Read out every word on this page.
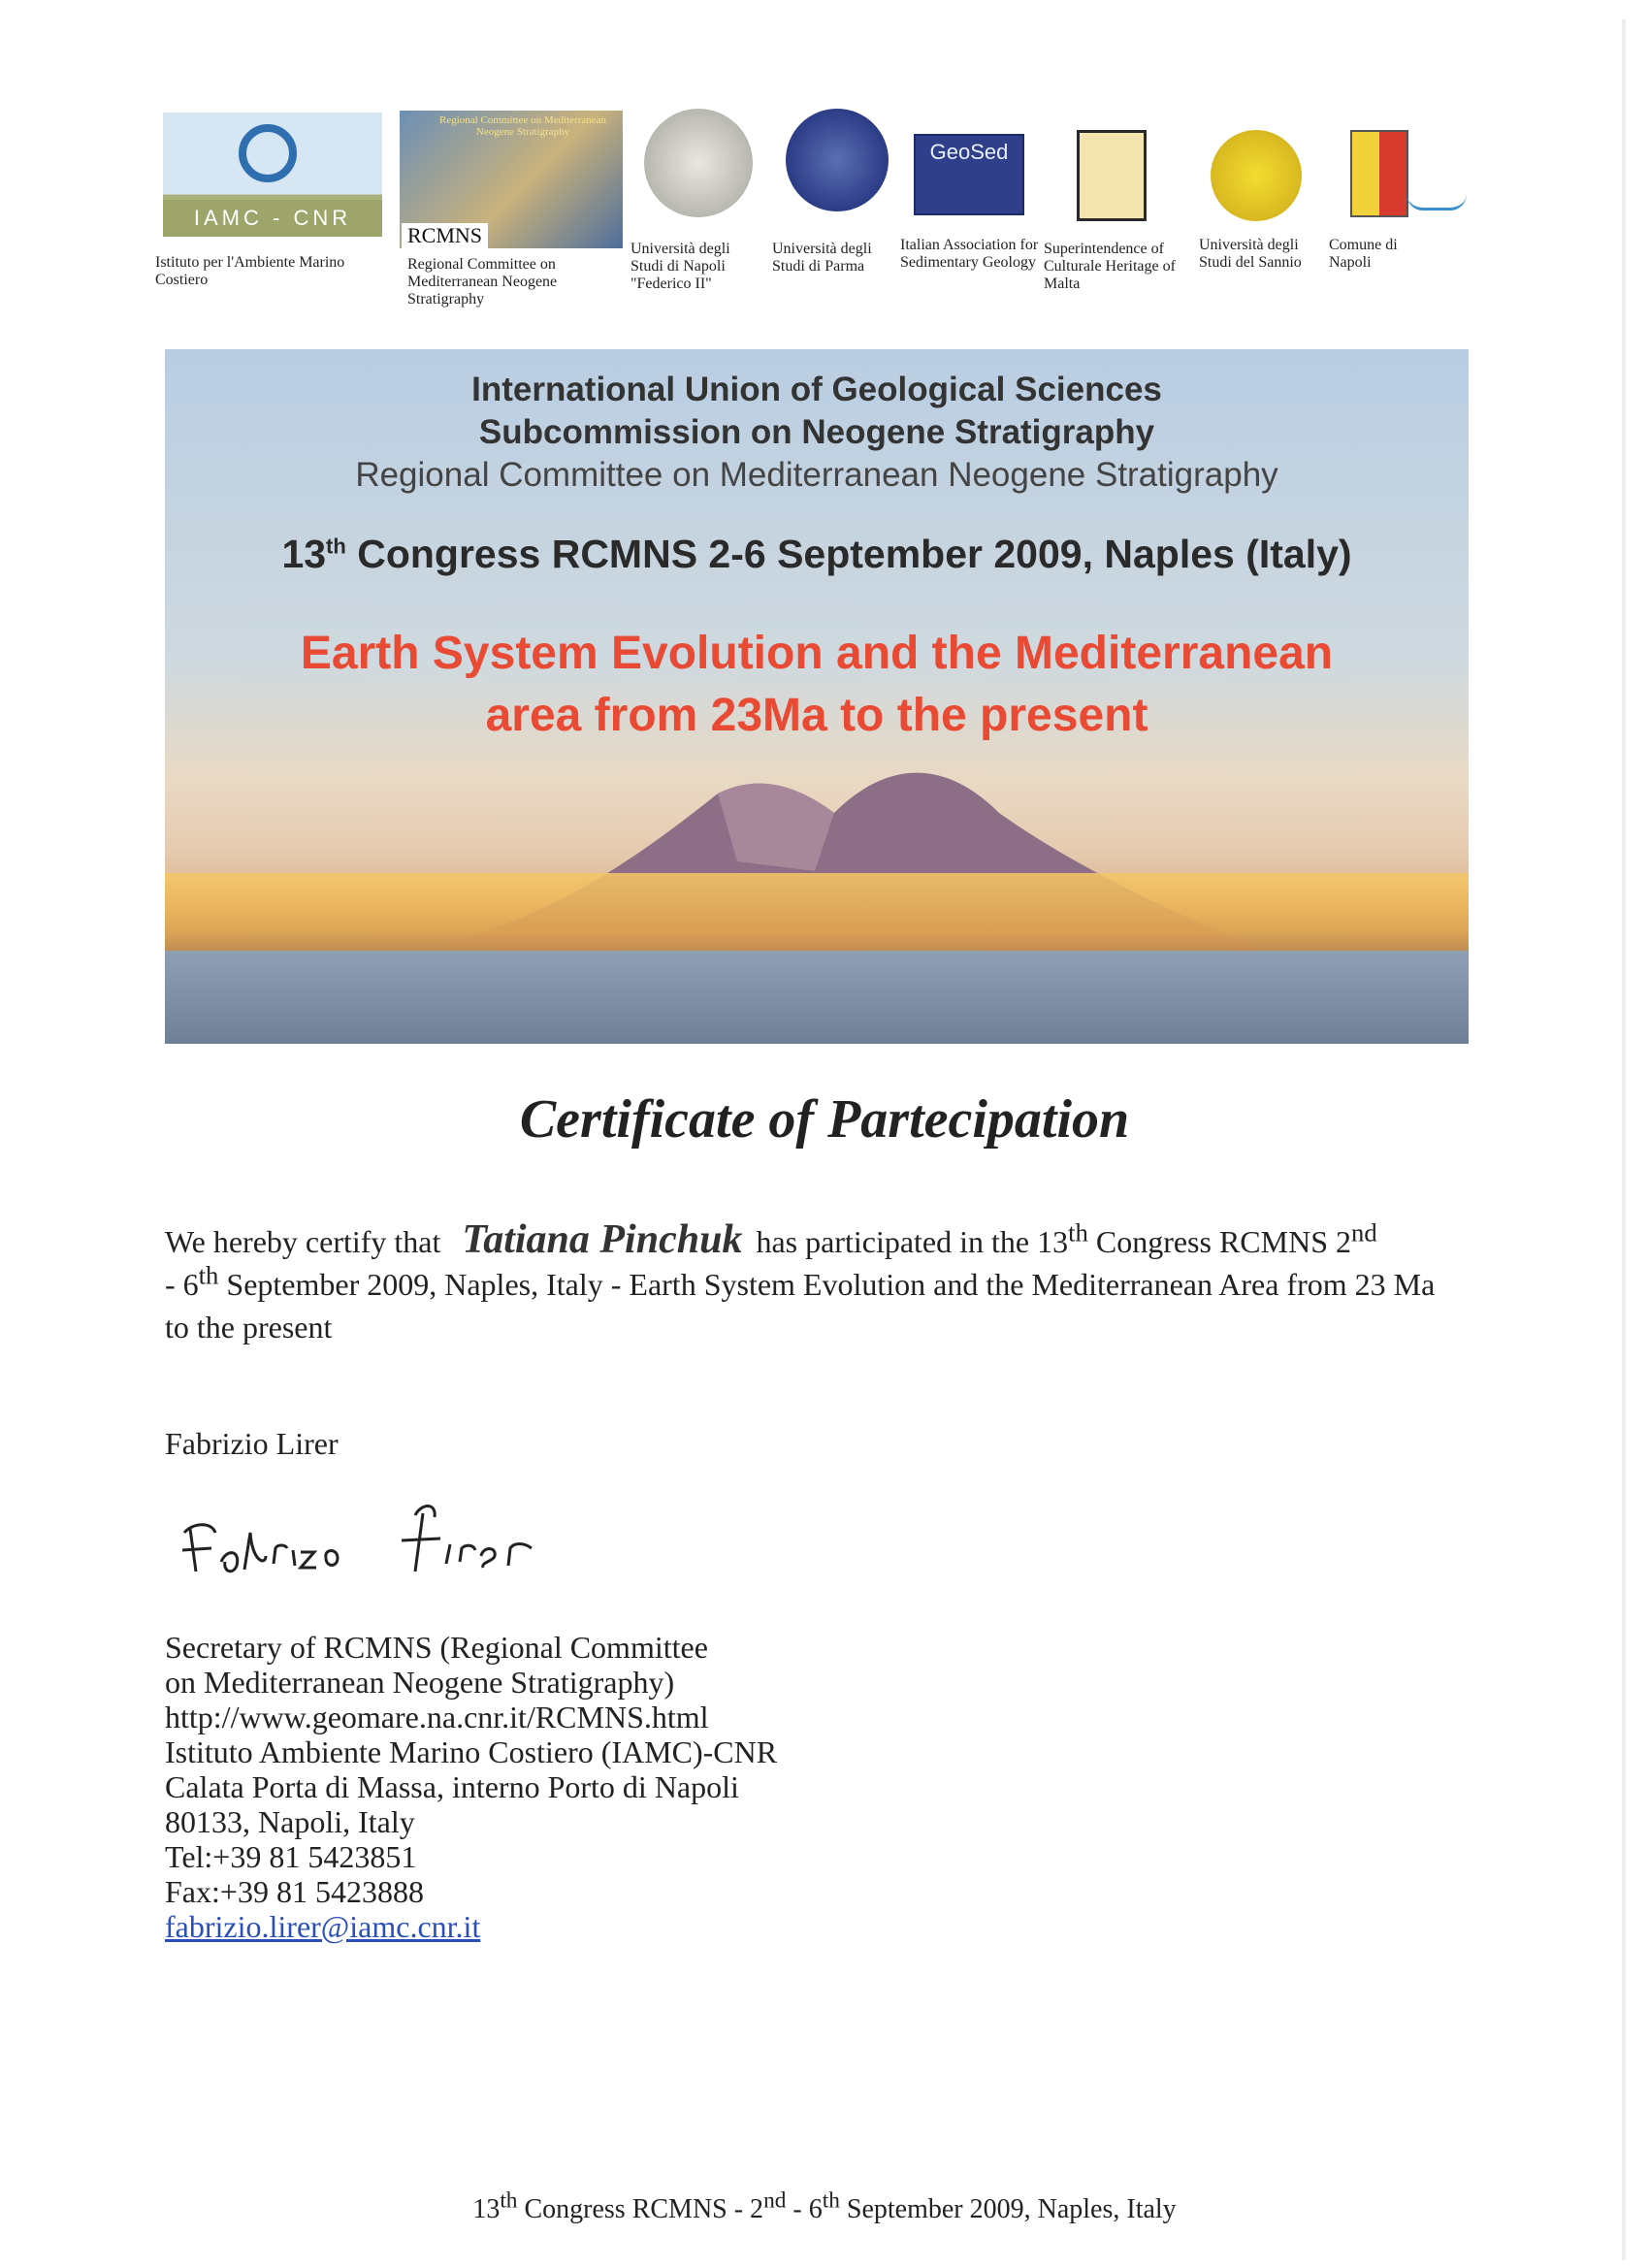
IAMC - CNR
Istituto per l'Ambiente Marino Costiero
Regional Committee on Mediterranean Neogene Stratigraphy
RCMNS
Regional Committee on Mediterranean Neogene Stratigraphy
Università degli Studi di Napoli "Federico II"
Università degli Studi di Parma
GeoSed
Italian Association for Sedimentary Geology
Superintendence of Culturale Heritage of Malta
Università degli Studi del Sannio
Comune di Napoli
International Union of Geological Sciences
Subcommission on Neogene Stratigraphy
Regional Committee on Mediterranean Neogene Stratigraphy
13th Congress RCMNS 2-6 September 2009, Naples (Italy)
Earth System Evolution and the Mediterranean
area from 23Ma to the present
Certificate of Partecipation
We hereby certify that Tatiana Pinchuk has participated in the 13th Congress RCMNS 2nd
- 6th September 2009, Naples, Italy - Earth System Evolution and the Mediterranean Area from 23 Ma to the present
Fabrizio Lirer
Secretary of RCMNS (Regional Committee
on Mediterranean Neogene Stratigraphy)
http://www.geomare.na.cnr.it/RCMNS.html
Istituto Ambiente Marino Costiero (IAMC)-CNR
Calata Porta di Massa, interno Porto di Napoli
80133, Napoli, Italy
Tel:+39 81 5423851
Fax:+39 81 5423888
fabrizio.lirer@iamc.cnr.it
13th Congress RCMNS - 2nd - 6th September 2009, Naples, Italy
